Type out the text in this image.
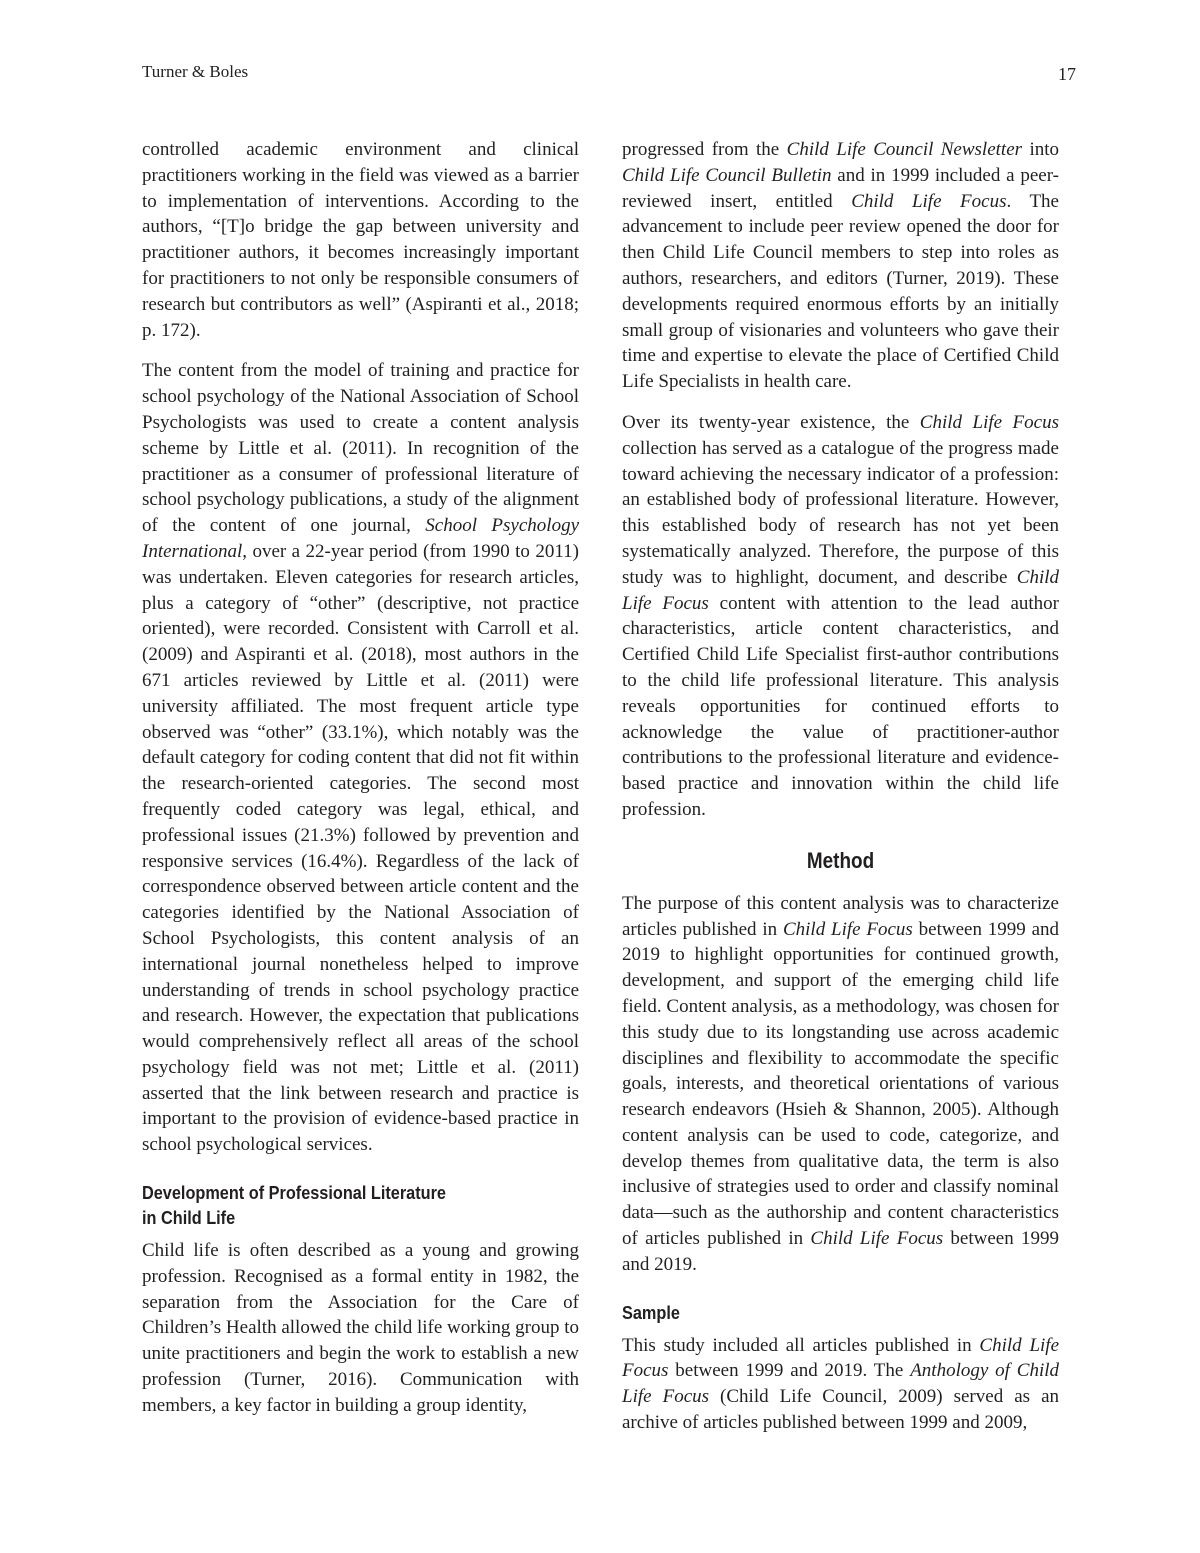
Turner & Boles	17

controlled academic environment and clinical practitioners working in the field was viewed as a barrier to implementation of interventions. According to the authors, “[T]o bridge the gap between university and practitioner authors, it becomes increasingly important for practitioners to not only be responsible consumers of research but contributors as well” (Aspiranti et al., 2018; p. 172).

The content from the model of training and practice for school psychology of the National Association of School Psychologists was used to create a content analysis scheme by Little et al. (2011). In recognition of the practitioner as a consumer of professional literature of school psychology publications, a study of the alignment of the content of one journal, School Psychology International, over a 22-year period (from 1990 to 2011) was undertaken. Eleven categories for research articles, plus a category of “other” (descriptive, not practice oriented), were recorded. Consistent with Carroll et al. (2009) and Aspiranti et al. (2018), most authors in the 671 articles reviewed by Little et al. (2011) were university affiliated. The most frequent article type observed was “other” (33.1%), which notably was the default category for coding content that did not fit within the research-oriented categories. The second most frequently coded category was legal, ethical, and professional issues (21.3%) followed by prevention and responsive services (16.4%). Regardless of the lack of correspondence observed between article content and the categories identified by the National Association of School Psychologists, this content analysis of an international journal nonetheless helped to improve understanding of trends in school psychology practice and research. However, the expectation that publications would comprehensively reflect all areas of the school psychology field was not met; Little et al. (2011) asserted that the link between research and practice is important to the provision of evidence-based practice in school psychological services.

Development of Professional Literature
in Child Life

Child life is often described as a young and growing profession. Recognised as a formal entity in 1982, the separation from the Association for the Care of Children’s Health allowed the child life working group to unite practitioners and begin the work to establish a new profession (Turner, 2016). Communication with members, a key factor in building a group identity,

progressed from the Child Life Council Newsletter into Child Life Council Bulletin and in 1999 included a peer-reviewed insert, entitled Child Life Focus. The advancement to include peer review opened the door for then Child Life Council members to step into roles as authors, researchers, and editors (Turner, 2019). These developments required enormous efforts by an initially small group of visionaries and volunteers who gave their time and expertise to elevate the place of Certified Child Life Specialists in health care.

Over its twenty-year existence, the Child Life Focus collection has served as a catalogue of the progress made toward achieving the necessary indicator of a profession: an established body of professional literature. However, this established body of research has not yet been systematically analyzed. Therefore, the purpose of this study was to highlight, document, and describe Child Life Focus content with attention to the lead author characteristics, article content characteristics, and Certified Child Life Specialist first-author contributions to the child life professional literature. This analysis reveals opportunities for continued efforts to acknowledge the value of practitioner-author contributions to the professional literature and evidence-based practice and innovation within the child life profession.

Method

The purpose of this content analysis was to characterize articles published in Child Life Focus between 1999 and 2019 to highlight opportunities for continued growth, development, and support of the emerging child life field. Content analysis, as a methodology, was chosen for this study due to its longstanding use across academic disciplines and flexibility to accommodate the specific goals, interests, and theoretical orientations of various research endeavors (Hsieh & Shannon, 2005). Although content analysis can be used to code, categorize, and develop themes from qualitative data, the term is also inclusive of strategies used to order and classify nominal data—such as the authorship and content characteristics of articles published in Child Life Focus between 1999 and 2019.

Sample

This study included all articles published in Child Life Focus between 1999 and 2019. The Anthology of Child Life Focus (Child Life Council, 2009) served as an archive of articles published between 1999 and 2009,
